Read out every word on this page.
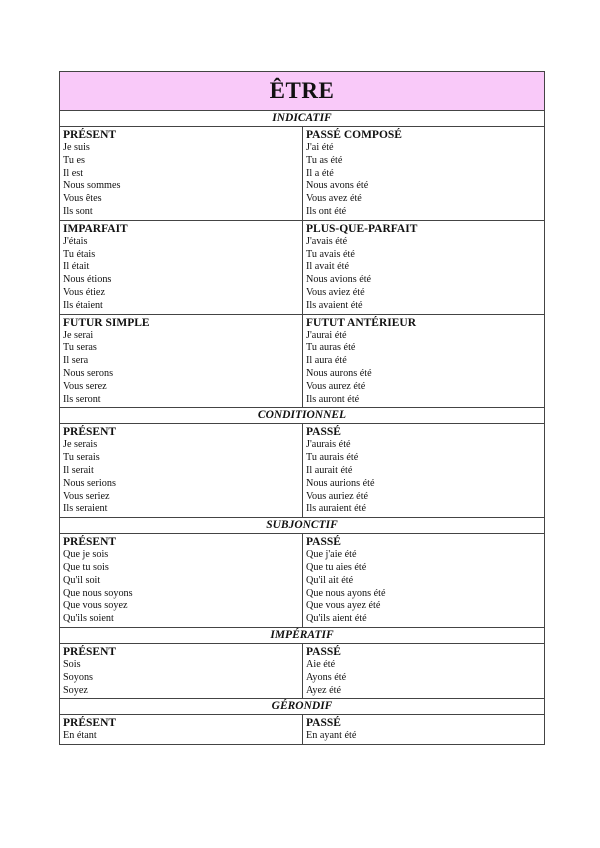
ÊTRE
INDICATIF
PRÉSENT
Je suis
Tu es
Il est
Nous sommes
Vous êtes
Ils sont
PASSÉ COMPOSÉ
J'ai été
Tu as été
Il a été
Nous avons été
Vous avez été
Ils ont été
IMPARFAIT
J'étais
Tu étais
Il était
Nous étions
Vous étiez
Ils étaient
PLUS-QUE-PARFAIT
J'avais été
Tu avais été
Il avait été
Nous avions été
Vous aviez été
Ils avaient été
FUTUR SIMPLE
Je serai
Tu seras
Il sera
Nous serons
Vous serez
Ils seront
FUTUT ANTÉRIEUR
J'aurai été
Tu auras été
Il aura été
Nous aurons été
Vous aurez été
Ils auront été
CONDITIONNEL
PRÉSENT
Je serais
Tu serais
Il serait
Nous serions
Vous seriez
Ils seraient
PASSÉ
J'aurais été
Tu aurais été
Il aurait été
Nous aurions été
Vous auriez été
Ils auraient été
SUBJONCTIF
PRÉSENT
Que je sois
Que tu sois
Qu'il soit
Que nous soyons
Que vous soyez
Qu'ils soient
PASSÉ
Que j'aie été
Que tu aies été
Qu'il ait été
Que nous ayons été
Que vous ayez été
Qu'ils aient été
IMPÉRATIF
PRÉSENT
Sois
Soyons
Soyez
PASSÉ
Aie été
Ayons été
Ayez été
GÉRONDIF
PRÉSENT
En étant
PASSÉ
En ayant été
